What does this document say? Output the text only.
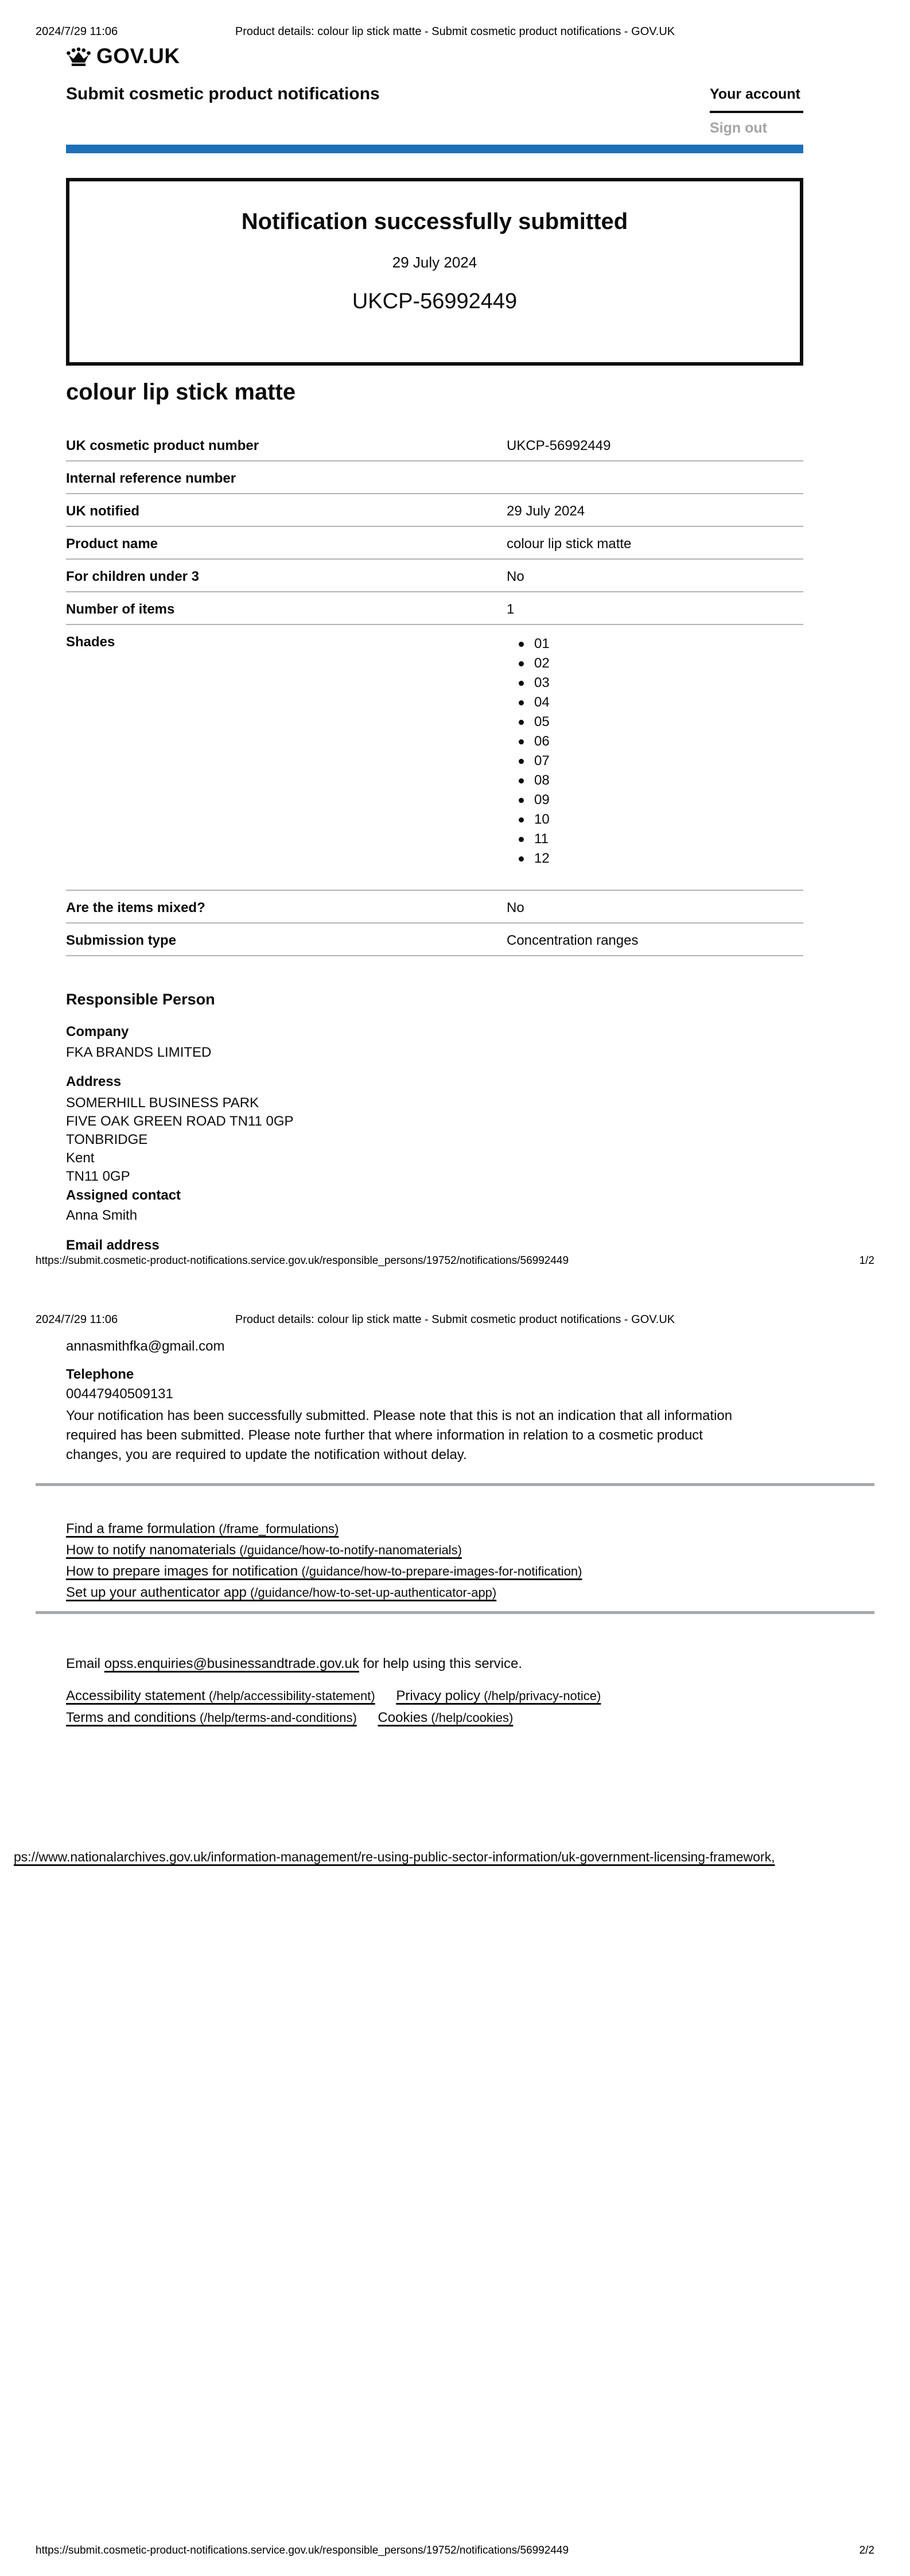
2024/7/29 11:06	Product details: colour lip stick matte - Submit cosmetic product notifications - GOV.UK
GOV.UK
Submit cosmetic product notifications	Your account
Sign out
Notification successfully submitted
29 July 2024
UKCP-56992449
colour lip stick matte
UK cosmetic product number	UKCP-56992449
Internal reference number
UK notified	29 July 2024
Product name	colour lip stick matte
For children under 3	No
Number of items	1
Shades	01
02
03
04
05
06
07
08
09
10
11
12
Are the items mixed?	No
Submission type	Concentration ranges
Responsible Person
Company
FKA BRANDS LIMITED
Address
SOMERHILL BUSINESS PARK
FIVE OAK GREEN ROAD TN11 0GP
TONBRIDGE
Kent
TN11 0GP
Assigned contact
Anna Smith
Email address
https://submit.cosmetic-product-notifications.service.gov.uk/responsible_persons/19752/notifications/56992449	1/2
2024/7/29 11:06	Product details: colour lip stick matte - Submit cosmetic product notifications - GOV.UK
annasmithfka@gmail.com
Telephone
00447940509131
Your notification has been successfully submitted. Please note that this is not an indication that all information required has been submitted. Please note further that where information in relation to a cosmetic product changes, you are required to update the notification without delay.
Find a frame formulation (/frame_formulations)
How to notify nanomaterials (/guidance/how-to-notify-nanomaterials)
How to prepare images for notification (/guidance/how-to-prepare-images-for-notification)
Set up your authenticator app (/guidance/how-to-set-up-authenticator-app)
Email opss.enquiries@businessandtrade.gov.uk for help using this service.
Accessibility statement (/help/accessibility-statement) Privacy policy (/help/privacy-notice)
Terms and conditions (/help/terms-and-conditions) Cookies (/help/cookies)
ps://www.nationalarchives.gov.uk/information-management/re-using-public-sector-information/uk-government-licensing-framework,
https://submit.cosmetic-product-notifications.service.gov.uk/responsible_persons/19752/notifications/56992449	2/2
